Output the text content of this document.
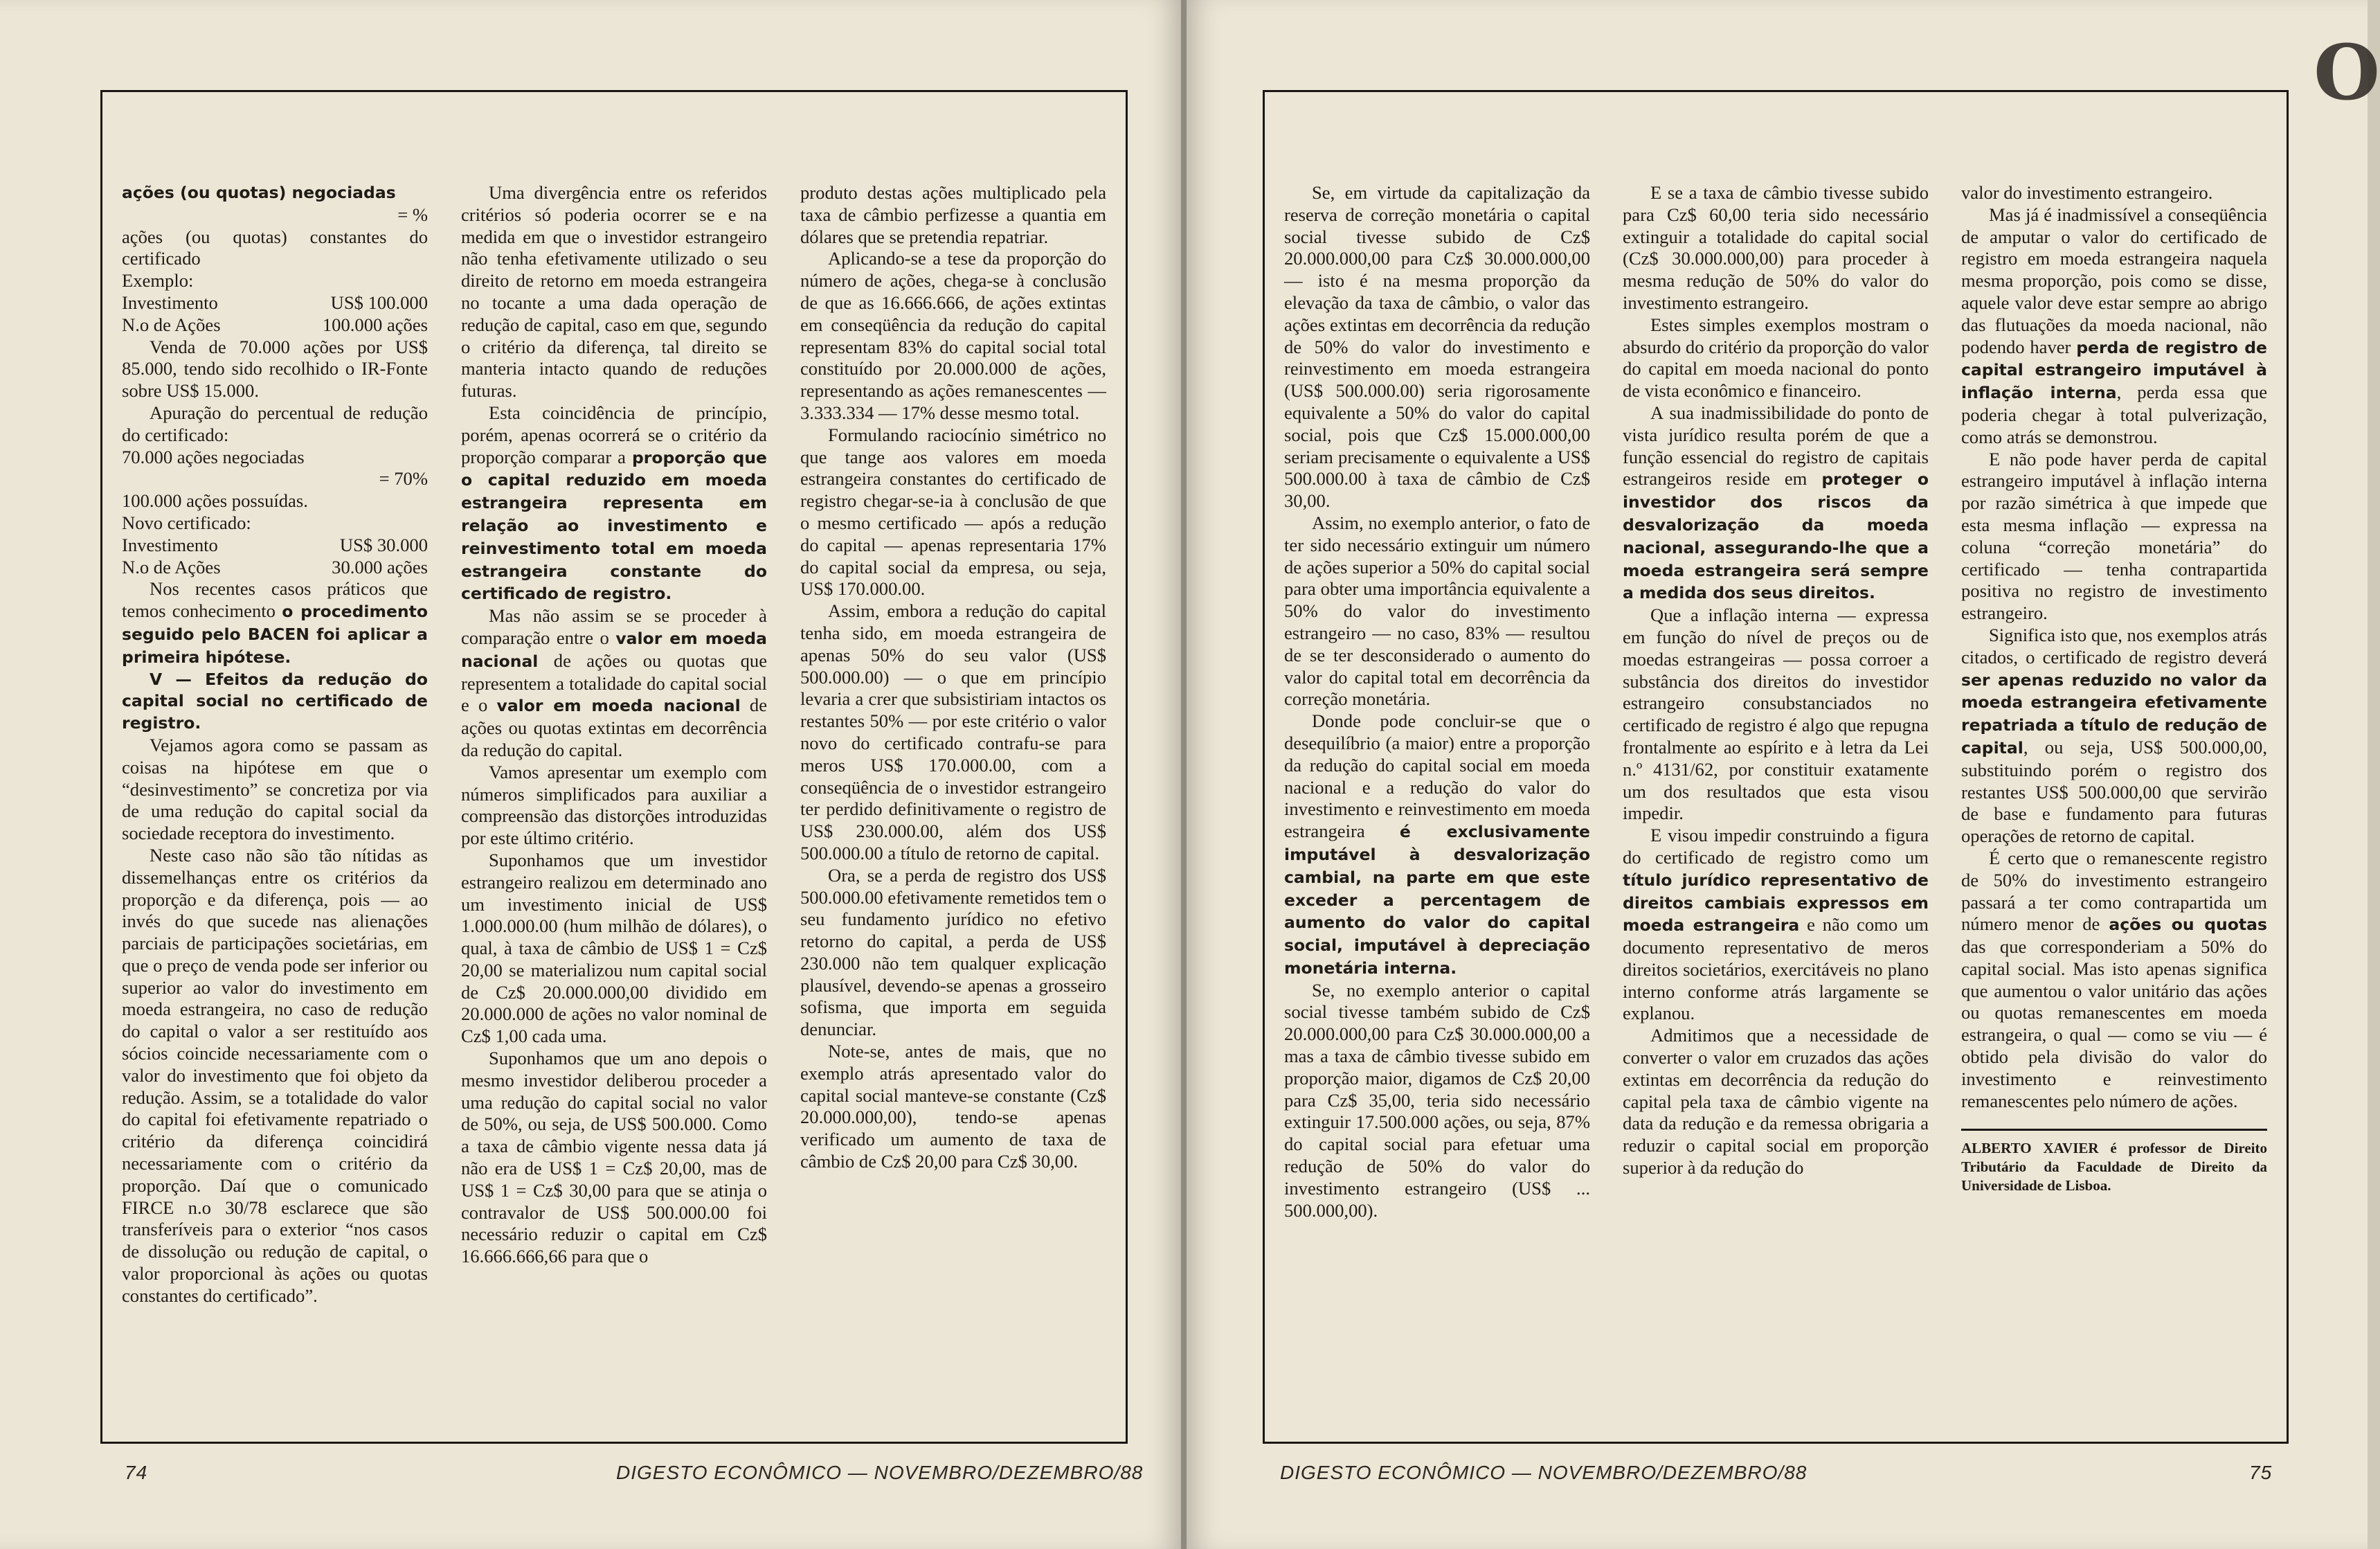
ações (ou quotas) negociadas

= %

ações (ou quotas) constantes do certificado

Exemplo:

Investimento	US$ 100.000
N.o de Ações	100.000 ações

Venda de 70.000 ações por US$ 85.000, tendo sido recolhido o IR-Fonte sobre US$ 15.000.

Apuração do percentual de redução do certificado:

70.000 ações negociadas

= 70%

100.000 ações possuídas.

Novo certificado:

Investimento	US$ 30.000
N.o de Ações	30.000 ações

Nos recentes casos práticos que temos conhecimento o procedimento seguido pelo BACEN foi aplicar a primeira hipótese.

V — Efeitos da redução do capital social no certificado de registro.

Vejamos agora como se passam as coisas na hipótese em que o “desinvestimento” se concretiza por via de uma redução do capital social da sociedade receptora do investimento.

Neste caso não são tão nítidas as dissemelhanças entre os critérios da proporção e da diferença, pois — ao invés do que sucede nas alienações parciais de participações societárias, em que o preço de venda pode ser inferior ou superior ao valor do investimento em moeda estrangeira, no caso de redução do capital o valor a ser restituído aos sócios coincide necessariamente com o valor do investimento que foi objeto da redução. Assim, se a totalidade do valor do capital foi efetivamente repatriado o critério da diferença coincidirá necessariamente com o critério da proporção. Daí que o comunicado FIRCE n.o 30/78 esclarece que são transferíveis para o exterior “nos casos de dissolução ou redução de capital, o valor proporcional às ações ou quotas constantes do certificado”.

Uma divergência entre os referidos critérios só poderia ocorrer se e na medida em que o investidor estrangeiro não tenha efetivamente utilizado o seu direito de retorno em moeda estrangeira no tocante a uma dada operação de redução de capital, caso em que, segundo o critério da diferença, tal direito se manteria intacto quando de reduções futuras.

Esta coincidência de princípio, porém, apenas ocorrerá se o critério da proporção comparar a proporção que o capital reduzido em moeda estrangeira representa em relação ao investimento e reinvestimento total em moeda estrangeira constante do certificado de registro.

Mas não assim se se proceder à comparação entre o valor em moeda nacional de ações ou quotas que representem a totalidade do capital social e o valor em moeda nacional de ações ou quotas extintas em decorrência da redução do capital.

Vamos apresentar um exemplo com números simplificados para auxiliar a compreensão das distorções introduzidas por este último critério.

Suponhamos que um investidor estrangeiro realizou em determinado ano um investimento inicial de US$ 1.000.000.00 (hum milhão de dólares), o qual, à taxa de câmbio de US$ 1 = Cz$ 20,00 se materializou num capital social de Cz$ 20.000.000,00 dividido em 20.000.000 de ações no valor nominal de Cz$ 1,00 cada uma.

Suponhamos que um ano depois o mesmo investidor deliberou proceder a uma redução do capital social no valor de 50%, ou seja, de US$ 500.000. Como a taxa de câmbio vigente nessa data já não era de US$ 1 = Cz$ 20,00, mas de US$ 1 = Cz$ 30,00 para que se atinja o contravalor de US$ 500.000.00 foi necessário reduzir o capital em Cz$ 16.666.666,66 para que o

produto destas ações multiplicado pela taxa de câmbio perfizesse a quantia em dólares que se pretendia repatriar.

Aplicando-se a tese da proporção do número de ações, chega-se à conclusão de que as 16.666.666, de ações extintas em conseqüência da redução do capital representam 83% do capital social total constituído por 20.000.000 de ações, representando as ações remanescentes — 3.333.334 — 17% desse mesmo total.

Formulando raciocínio simétrico no que tange aos valores em moeda estrangeira constantes do certificado de registro chegar-se-ia à conclusão de que o mesmo certificado — após a redução do capital — apenas representaria 17% do capital social da empresa, ou seja, US$ 170.000.00.

Assim, embora a redução do capital tenha sido, em moeda estrangeira de apenas 50% do seu valor (US$ 500.000.00) — o que em princípio levaria a crer que subsistiriam intactos os restantes 50% — por este critério o valor novo do certificado contrafu-se para meros US$ 170.000.00, com a conseqüência de o investidor estrangeiro ter perdido definitivamente o registro de US$ 230.000.00, além dos US$ 500.000.00 a título de retorno de capital.

Ora, se a perda de registro dos US$ 500.000.00 efetivamente remetidos tem o seu fundamento jurídico no efetivo retorno do capital, a perda de US$ 230.000 não tem qualquer explicação plausível, devendo-se apenas a grosseiro sofisma, que importa em seguida denunciar.

Note-se, antes de mais, que no exemplo atrás apresentado valor do capital social manteve-se constante (Cz$ 20.000.000,00), tendo-se apenas verificado um aumento de taxa de câmbio de Cz$ 20,00 para Cz$ 30,00.

74	DIGESTO ECONÔMICO — NOVEMBRO/DEZEMBRO/88
O

Se, em virtude da capitalização da reserva de correção monetária o capital social tivesse subido de Cz$ 20.000.000,00 para Cz$ 30.000.000,00 — isto é na mesma proporção da elevação da taxa de câmbio, o valor das ações extintas em decorrência da redução de 50% do valor do investimento e reinvestimento em moeda estrangeira (US$ 500.000.00) seria rigorosamente equivalente a 50% do valor do capital social, pois que Cz$ 15.000.000,00 seriam precisamente o equivalente a US$ 500.000.00 à taxa de câmbio de Cz$ 30,00.

Assim, no exemplo anterior, o fato de ter sido necessário extinguir um número de ações superior a 50% do capital social para obter uma importância equivalente a 50% do valor do investimento estrangeiro — no caso, 83% — resultou de se ter desconsiderado o aumento do valor do capital total em decorrência da correção monetária.

Donde pode concluir-se que o desequilíbrio (a maior) entre a proporção da redução do capital social em moeda nacional e a redução do valor do investimento e reinvestimento em moeda estrangeira é exclusivamente imputável à desvalorização cambial, na parte em que este exceder a percentagem de aumento do valor do capital social, imputável à depreciação monetária interna.

Se, no exemplo anterior o capital social tivesse também subido de Cz$ 20.000.000,00 para Cz$ 30.000.000,00 a mas a taxa de câmbio tivesse subido em proporção maior, digamos de Cz$ 20,00 para Cz$ 35,00, teria sido necessário extinguir 17.500.000 ações, ou seja, 87% do capital social para efetuar uma redução de 50% do valor do investimento estrangeiro (US$ ... 500.000,00).

E se a taxa de câmbio tivesse subido para Cz$ 60,00 teria sido necessário extinguir a totalidade do capital social (Cz$ 30.000.000,00) para proceder à mesma redução de 50% do valor do investimento estrangeiro.

Estes simples exemplos mostram o absurdo do critério da proporção do valor do capital em moeda nacional do ponto de vista econômico e financeiro.

A sua inadmissibilidade do ponto de vista jurídico resulta porém de que a função essencial do registro de capitais estrangeiros reside em proteger o investidor dos riscos da desvalorização da moeda nacional, assegurando-lhe que a moeda estrangeira será sempre a medida dos seus direitos.

Que a inflação interna — expressa em função do nível de preços ou de moedas estrangeiras — possa corroer a substância dos direitos do investidor estrangeiro consubstanciados no certificado de registro é algo que repugna frontalmente ao espírito e à letra da Lei n.º 4131/62, por constituir exatamente um dos resultados que esta visou impedir.

E visou impedir construindo a figura do certificado de registro como um título jurídico representativo de direitos cambiais expressos em moeda estrangeira e não como um documento representativo de meros direitos societários, exercitáveis no plano interno conforme atrás largamente se explanou.

Admitimos que a necessidade de converter o valor em cruzados das ações extintas em decorrência da redução do capital pela taxa de câmbio vigente na data da redução e da remessa obrigaria a reduzir o capital social em proporção superior à da redução do

valor do investimento estrangeiro.

Mas já é inadmissível a conseqüência de amputar o valor do certificado de registro em moeda estrangeira naquela mesma proporção, pois como se disse, aquele valor deve estar sempre ao abrigo das flutuações da moeda nacional, não podendo haver perda de registro de capital estrangeiro imputável à inflação interna, perda essa que poderia chegar à total pulverização, como atrás se demonstrou.

E não pode haver perda de capital estrangeiro imputável à inflação interna por razão simétrica à que impede que esta mesma inflação — expressa na coluna “correção monetária” do certificado — tenha contrapartida positiva no registro de investimento estrangeiro.

Significa isto que, nos exemplos atrás citados, o certificado de registro deverá ser apenas reduzido no valor da moeda estrangeira efetivamente repatriada a título de redução de capital, ou seja, US$ 500.000,00, substituindo porém o registro dos restantes US$ 500.000,00 que servirão de base e fundamento para futuras operações de retorno de capital.

É certo que o remanescente registro de 50% do investimento estrangeiro passará a ter como contrapartida um número menor de ações ou quotas das que corresponderiam a 50% do capital social. Mas isto apenas significa que aumentou o valor unitário das ações ou quotas remanescentes em moeda estrangeira, o qual — como se viu — é obtido pela divisão do valor do investimento e reinvestimento remanescentes pelo número de ações.

ALBERTO XAVIER é professor de Direito Tributário da Faculdade de Direito da Universidade de Lisboa.
DIGESTO ECONÔMICO — NOVEMBRO/DEZEMBRO/88	75
